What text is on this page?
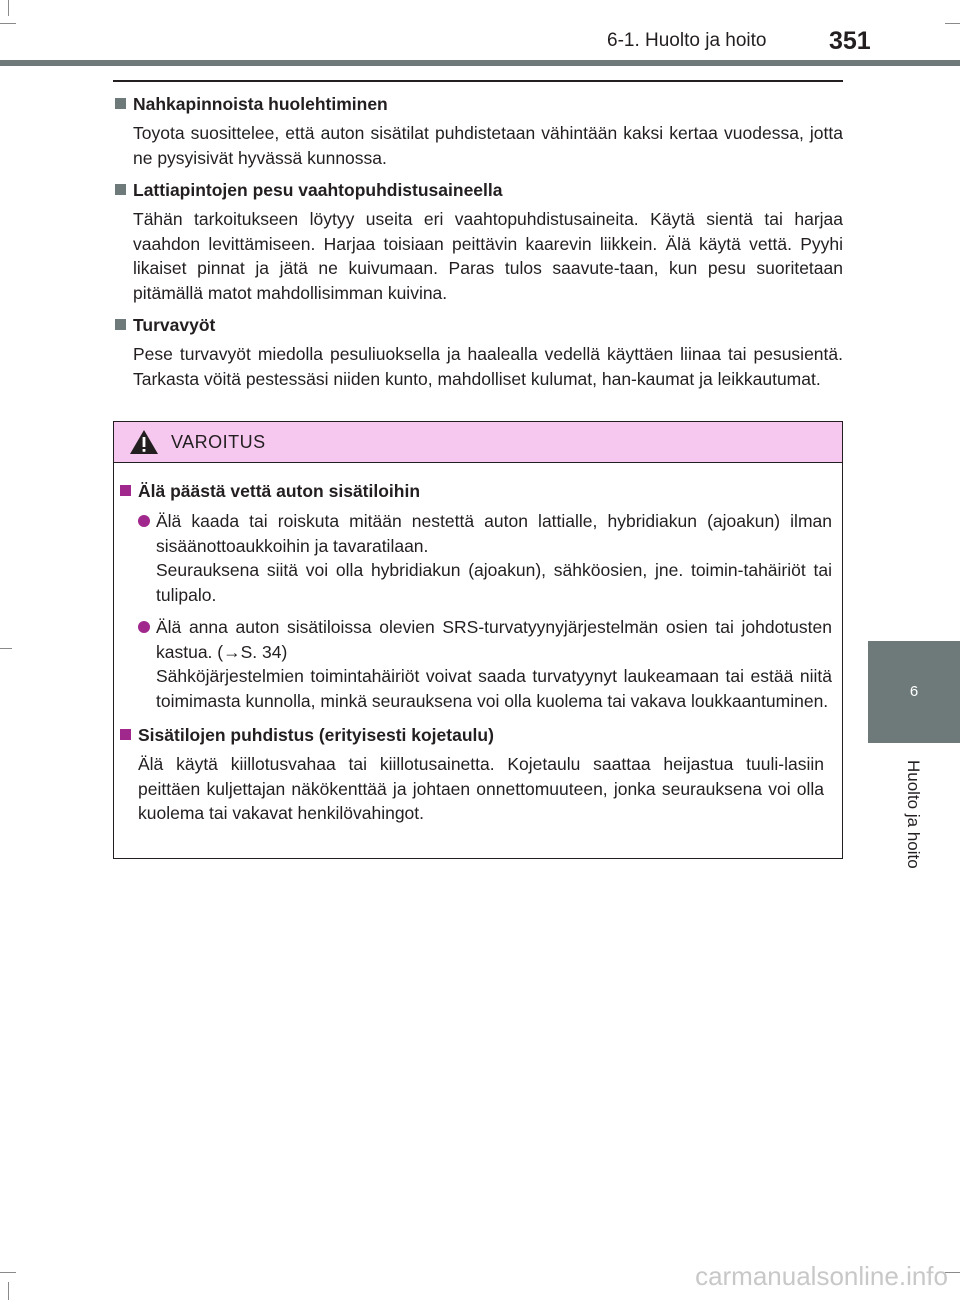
6-1. Huolto ja hoito	351
6
Huolto ja hoito
Nahkapinnoista huolehtiminen
Toyota suosittelee, että auton sisätilat puhdistetaan vähintään kaksi kertaa vuodessa, jotta ne pysyisivät hyvässä kunnossa.
Lattiapintojen pesu vaahtopuhdistusaineella
Tähän tarkoitukseen löytyy useita eri vaahtopuhdistusaineita. Käytä sientä tai harjaa vaahdon levittämiseen. Harjaa toisiaan peittävin kaarevin liikkein. Älä käytä vettä. Pyyhi likaiset pinnat ja jätä ne kuivumaan. Paras tulos saavute-taan, kun pesu suoritetaan pitämällä matot mahdollisimman kuivina.
Turvavyöt
Pese turvavyöt miedolla pesuliuoksella ja haalealla vedellä käyttäen liinaa tai pesusientä. Tarkasta vöitä pestessäsi niiden kunto, mahdolliset kulumat, han-kaumat ja leikkautumat.
VAROITUS
Älä päästä vettä auton sisätiloihin

Älä kaada tai roiskuta mitään nestettä auton lattialle, hybridiakun (ajoakun) ilman sisäänottoaukkoihin ja tavaratilaan.

Seurauksena siitä voi olla hybridiakun (ajoakun), sähköosien, jne. toimin-tahäiriöt tai tulipalo.

Älä anna auton sisätiloissa olevien SRS-turvatyynyjärjestelmän osien tai johdotusten kastua. (→S. 34)

Sähköjärjestelmien toimintahäiriöt voivat saada turvatyynyt laukeamaan tai estää niitä toimimasta kunnolla, minkä seurauksena voi olla kuolema tai vakava loukkaantuminen.

Sisätilojen puhdistus (erityisesti kojetaulu)
Älä käytä kiillotusvahaa tai kiillotusainetta. Kojetaulu saattaa heijastua tuuli-lasiin peittäen kuljettajan näkökenttää ja johtaen onnettomuuteen, jonka seurauksena voi olla kuolema tai vakavat henkilövahingot.
carmanualsonline.info
